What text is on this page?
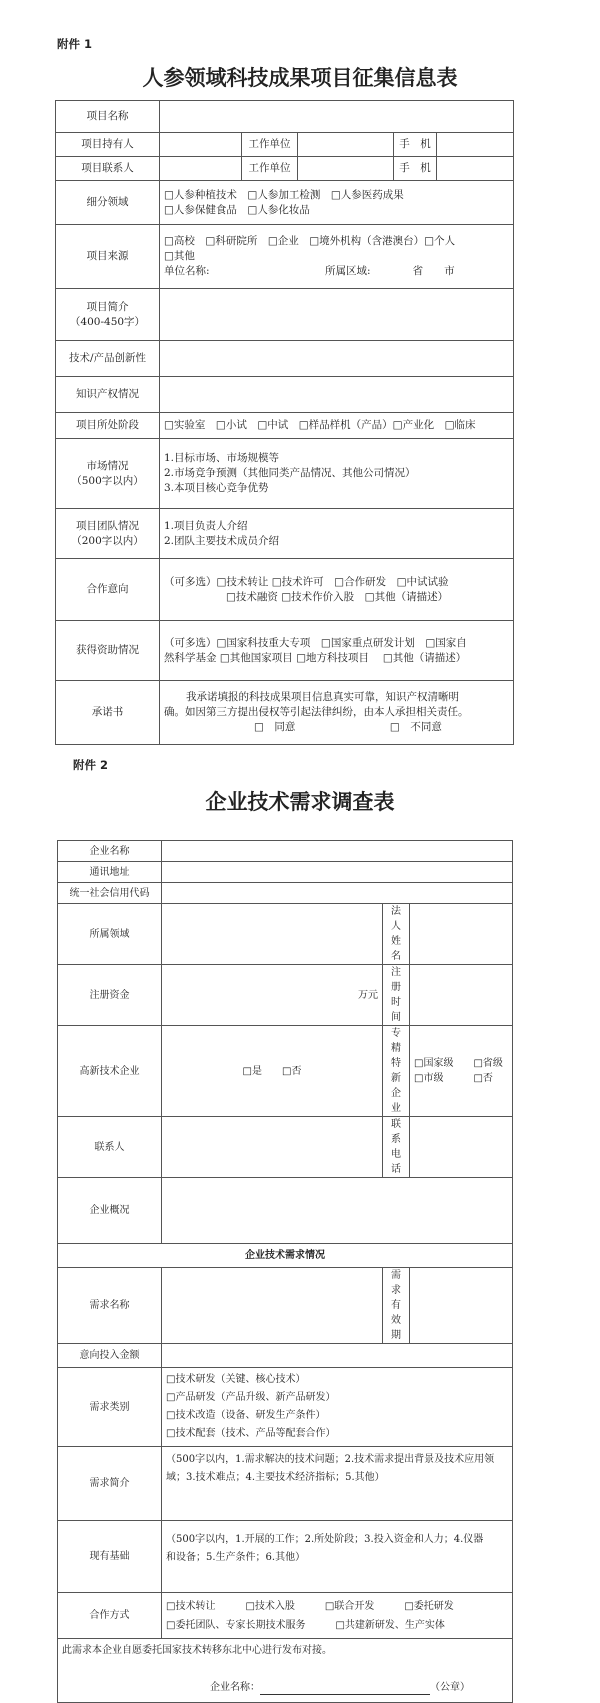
附件 1
人参领域科技成果项目征集信息表
项目名称					
项目持有人		工作单位		手　机	
项目联系人		工作单位		手　机	
细分领域	□人参种植技术　□人参加工检测　□人参医药成果
□人参保健食品　□人参化妆品				

项目来源	□高校　□科研院所　□企业　□境外机构（含港澳台）□个人
□其他
单位名称:　　　　　　　　　　　所属区域:　　　　省　　市				

项目简介
（400-450字）					

技术/产品创新性					
知识产权情况					
项目所处阶段	□实验室　□小试　□中试　□样品样机（产品）□产业化　□临床				

市场情况
（500字以内）	1.目标市场、市场规模等
2.市场竞争预测（其他同类产品情况、其他公司情况）
3.本项目核心竞争优势				

项目团队情况
（200字以内）	1.项目负责人介绍
2.团队主要技术成员介绍				

合作意向	（可多选）□技术转让 □技术许可　□合作研发　□中试试验
□技术融资 □技术作价入股　□其他（请描述）				

获得资助情况	（可多选）□国家科技重大专项　□国家重点研发计划　□国家自
然科学基金 □其他国家项目 □地方科技项目　 □其他（请描述）				

承诺书	我承诺填报的科技成果项目信息真实可靠，知识产权清晰明
确。如因第三方提出侵权等引起法律纠纷，由本人承担相关责任。
□　同意　　　　　　　　　□　不同意				
附件 2
企业技术需求调查表
企业名称			
通讯地址			
统一社会信用代码			
所属领域		法人姓名	
注册资金	万元	注册时间	
高新技术企业	□是　　□否	专精特新企业	□国家级　　□省级
□市级　　　□否

联系人		联系电话	
企业概况			
企业技术需求情况			
需求名称		需求有效期	
意向投入金额			
需求类别	□技术研发（关键、核心技术）
□产品研发（产品升级、新产品研发）
□技术改造（设备、研发生产条件）
□技术配套（技术、产品等配套合作）		

需求简介	（500字以内，1.需求解决的技术问题；2.技术需求提出背景及技术应用领
域；3.技术难点；4.主要技术经济指标；5.其他）		

现有基础	（500字以内，1.开展的工作；2.所处阶段；3.投入资金和人力；4.仪器
和设备；5.生产条件；6.其他）		

合作方式	□技术转让　　　□技术入股　　　□联合开发　　　□委托研发
□委托团队、专家长期技术服务　　　□共建新研发、生产实体		

此需求本企业自愿委托国家技术转移东北中心进行发布对接。
企业名称： （公章）			
